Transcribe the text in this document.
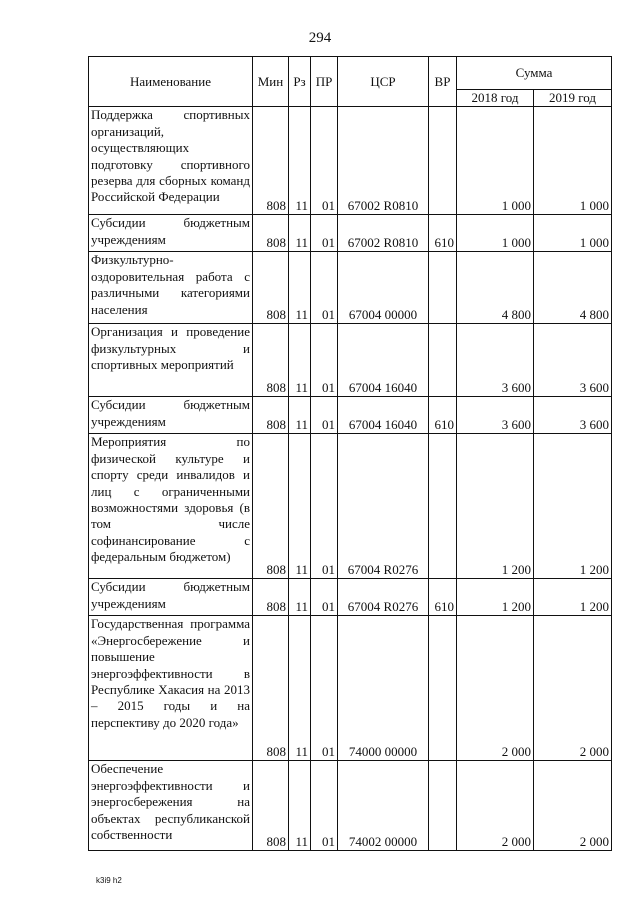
294
Наименование	Мин	Рз	ПР	ЦСР	ВР	Сумма	
						2018 год	2019 год
Поддержка спортивных организаций, осуществляющих подготовку спортивного резерва для сборных команд Российской Федерации	808	11	01	67002 R0810		1 000	1 000
Субсидии бюджетным учреждениям	808	11	01	67002 R0810	610	1 000	1 000
Физкультурно-оздоровительная работа с различными категориями населения	808	11	01	67004 00000		4 800	4 800
Организация и проведение физкультурных и спортивных мероприятий	808	11	01	67004 16040		3 600	3 600
Субсидии бюджетным учреждениям	808	11	01	67004 16040	610	3 600	3 600
Мероприятия по физической культуре и спорту среди инвалидов и лиц с ограниченными возможностями здоровья (в том числе софинансирование с федеральным бюджетом)	808	11	01	67004 R0276		1 200	1 200
Субсидии бюджетным учреждениям	808	11	01	67004 R0276	610	1 200	1 200
Государственная программа «Энергосбережение и повышение энергоэффективности в Республике Хакасия на 2013 – 2015 годы и на перспективу до 2020 года»	808	11	01	74000 00000		2 000	2 000
Обеспечение энергоэффективности и энергосбережения на объектах республиканской собственности	808	11	01	74002 00000		2 000	2 000
k3i9 h2
